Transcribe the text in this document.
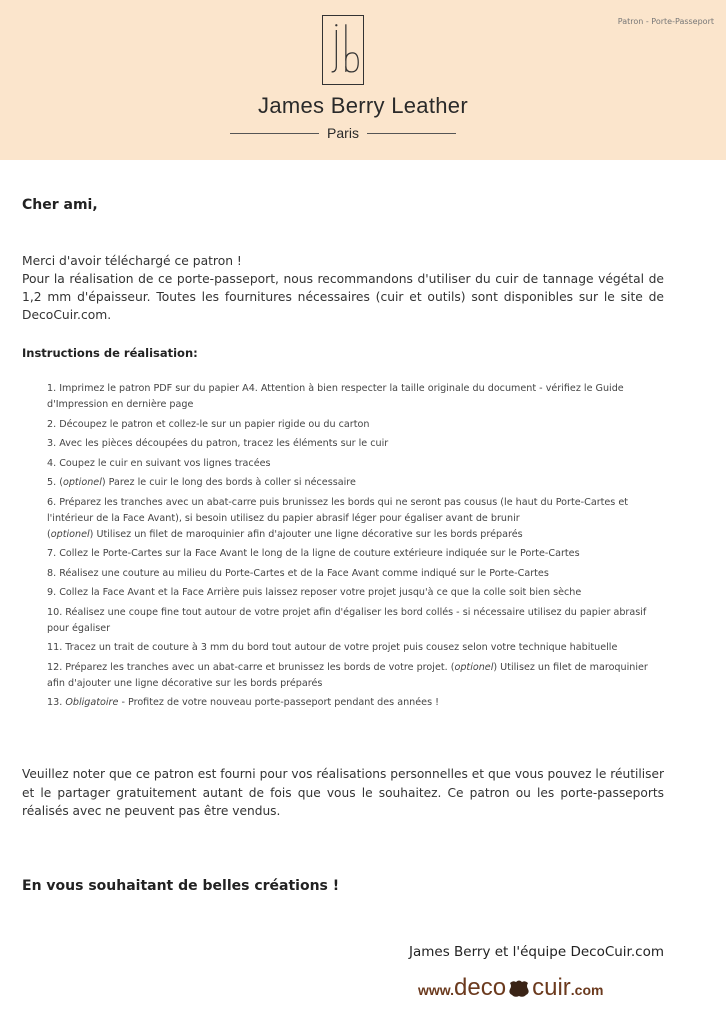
Patron - Porte-Passeport
James Berry Leather
Paris
Cher ami,

Merci d'avoir téléchargé ce patron !

Pour la réalisation de ce porte-passeport, nous recommandons d'utiliser du cuir de tannage végétal de 1,2 mm d'épaisseur. Toutes les fournitures nécessaires (cuir et outils) sont disponibles sur le site de DecoCuir.com.

Instructions de réalisation:
1. Imprimez le patron PDF sur du papier A4. Attention à bien respecter la taille originale du document - vérifiez le Guide d'Impression en dernière page
2. Découpez le patron et collez-le sur un papier rigide ou du carton
3. Avec les pièces découpées du patron, tracez les éléments sur le cuir
4. Coupez le cuir en suivant vos lignes tracées
5. (optionel) Parez le cuir le long des bords à coller si nécessaire
6. Préparez les tranches avec un abat-carre puis brunissez les bords qui ne seront pas cousus (le haut du Porte-Cartes et l'intérieur de la Face Avant), si besoin utilisez du papier abrasif léger pour égaliser avant de brunir
(optionel) Utilisez un filet de maroquinier afin d'ajouter une ligne décorative sur les bords préparés
7. Collez le Porte-Cartes sur la Face Avant le long de la ligne de couture extérieure indiquée sur le Porte-Cartes
8. Réalisez une couture au milieu du Porte-Cartes et de la Face Avant comme indiqué sur le Porte-Cartes
9. Collez la Face Avant et la Face Arrière puis laissez reposer votre projet jusqu'à ce que la colle soit bien sèche
10. Réalisez une coupe fine tout autour de votre projet afin d'égaliser les bord collés - si nécessaire utilisez du papier abrasif pour égaliser
11. Tracez un trait de couture à 3 mm du bord tout autour de votre projet puis cousez selon votre technique habituelle
12. Préparez les tranches avec un abat-carre et brunissez les bords de votre projet. (optionel) Utilisez un filet de maroquinier afin d'ajouter une ligne décorative sur les bords préparés
13. Obligatoire - Profitez de votre nouveau porte-passeport pendant des années !
Veuillez noter que ce patron est fourni pour vos réalisations personnelles et que vous pouvez le réutiliser et le partager gratuitement autant de fois que vous le souhaitez. Ce patron ou les porte-passeports réalisés avec ne peuvent pas être vendus.
En vous souhaitant de belles créations !
James Berry et l'équipe DecoCuir.com
www. deco cuir .com
